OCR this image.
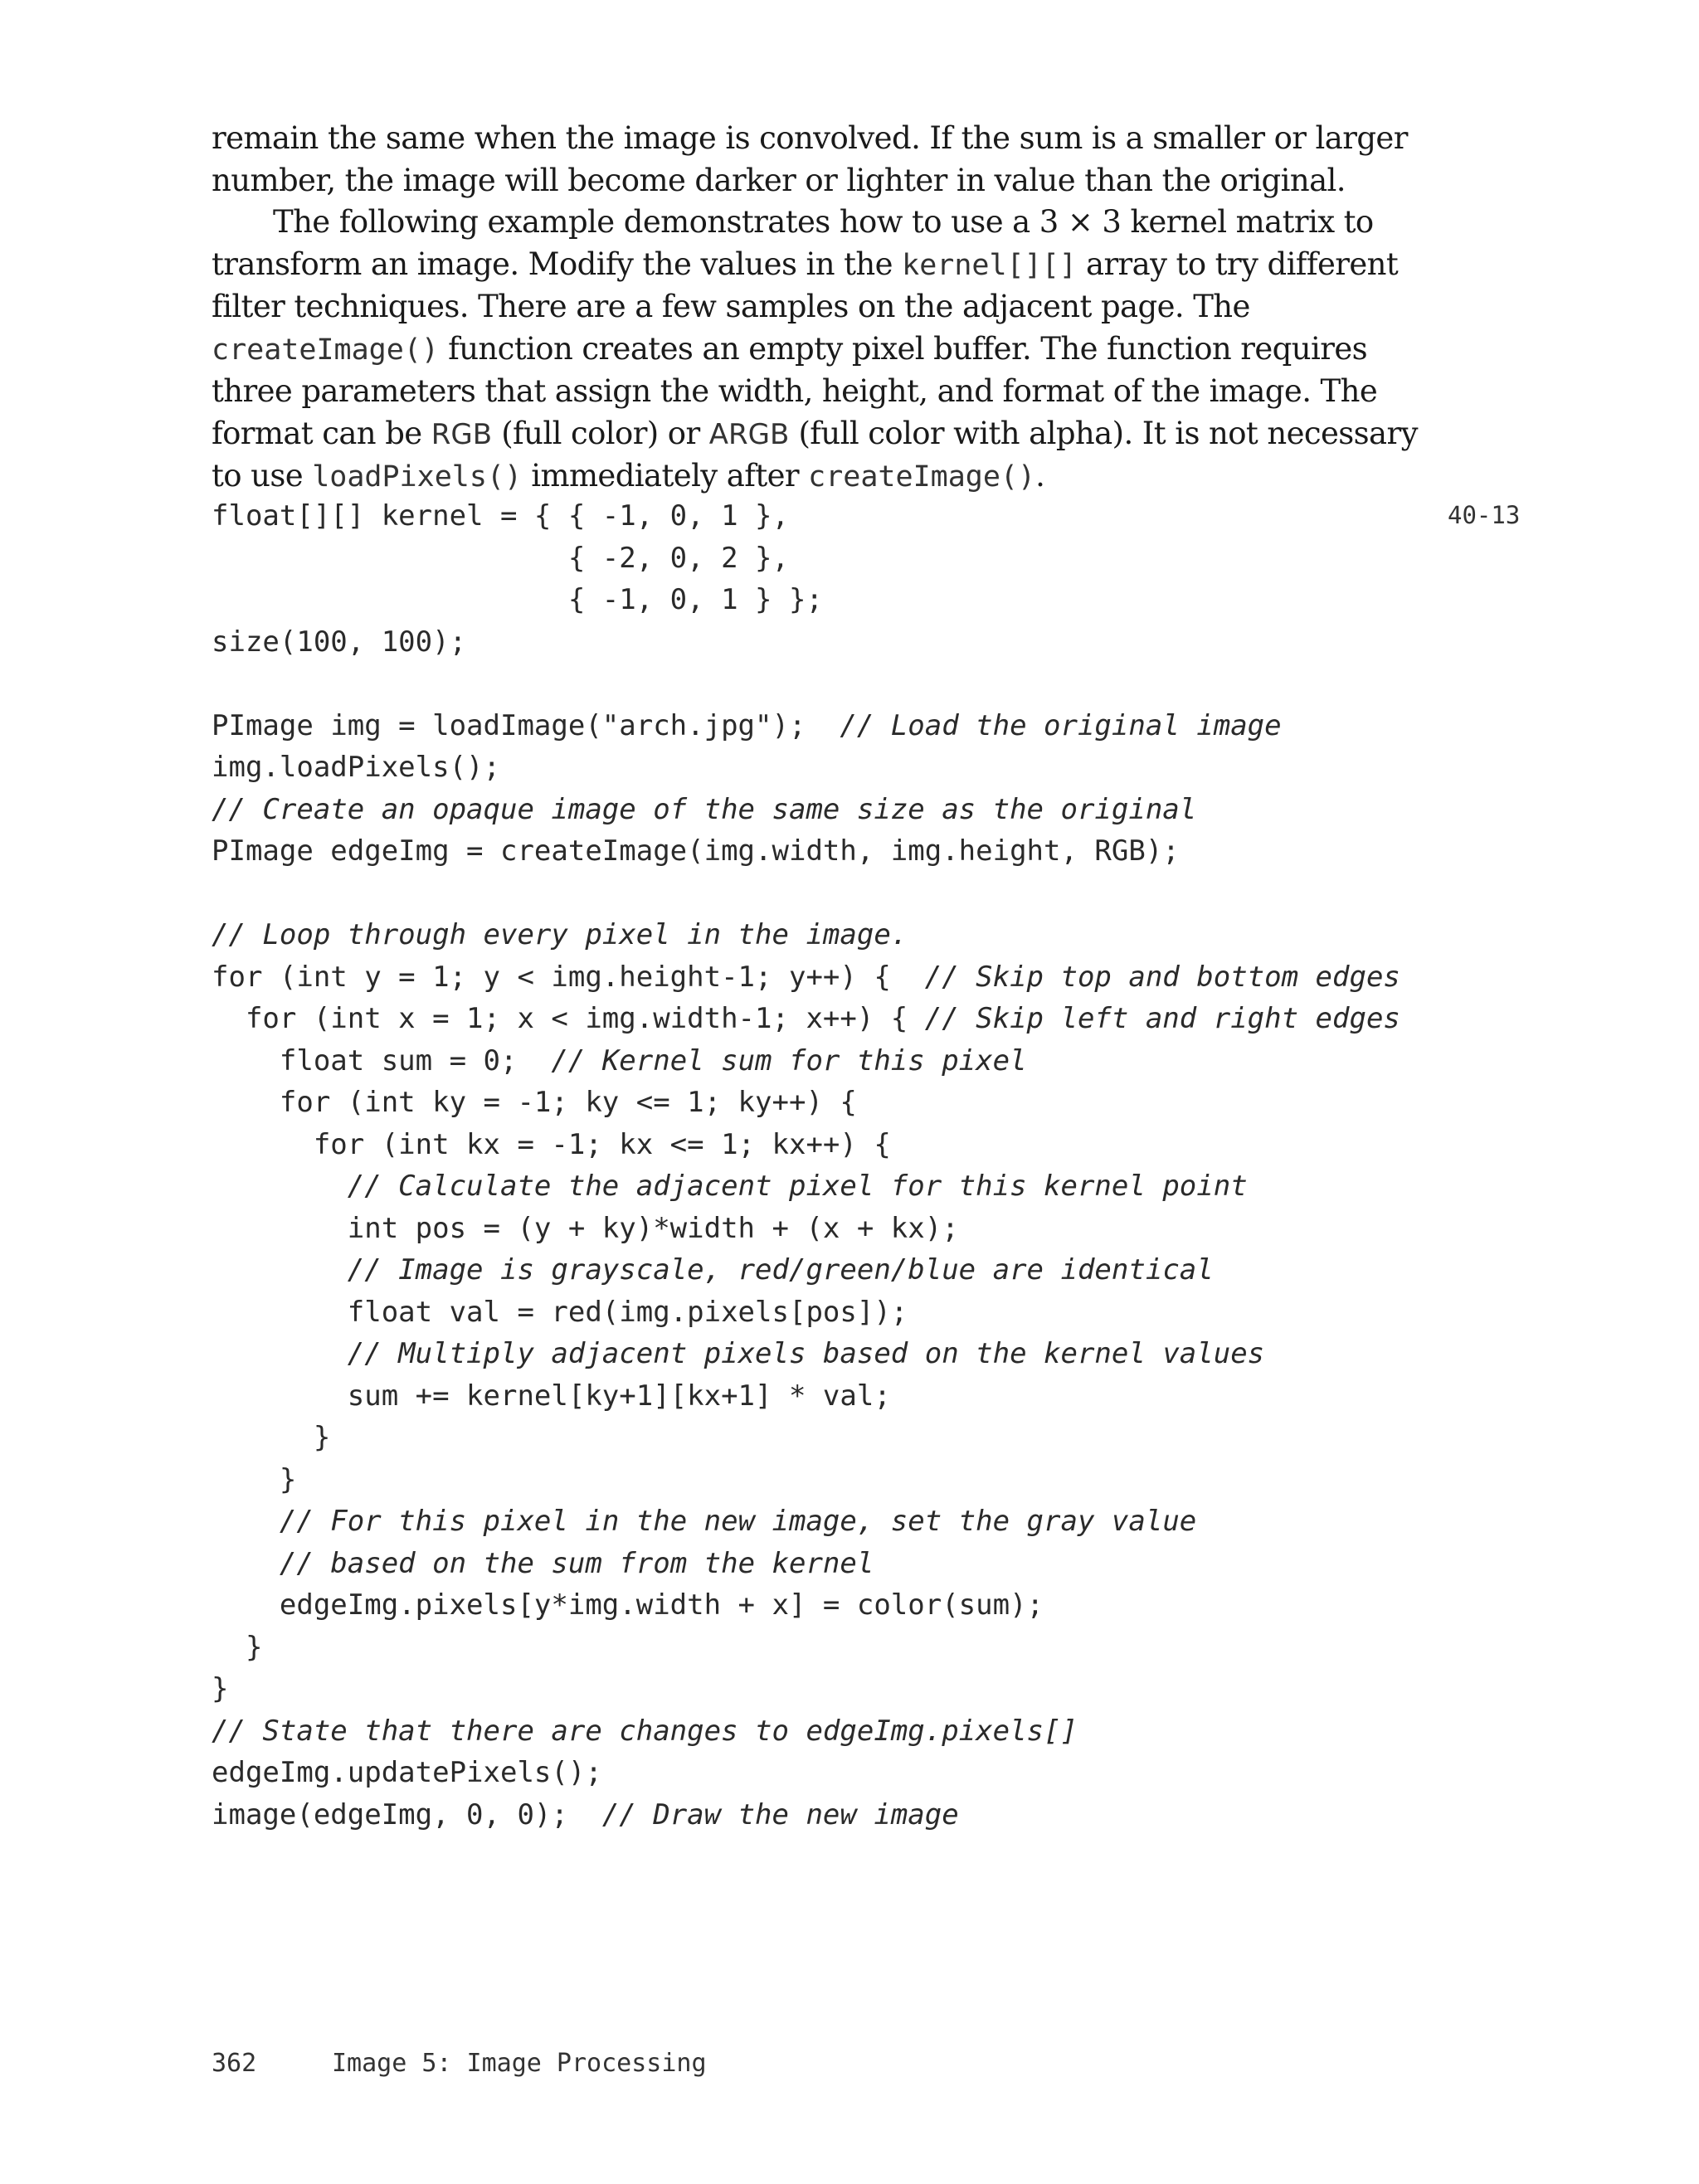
remain the same when the image is convolved. If the sum is a smaller or larger number, the image will become darker or lighter in value than the original.

The following example demonstrates how to use a 3 × 3 kernel matrix to transform an image. Modify the values in the kernel[][] array to try different filter techniques. There are a few samples on the adjacent page. The createImage() function creates an empty pixel buffer. The function requires three parameters that assign the width, height, and format of the image. The format can be RGB (full color) or ARGB (full color with alpha). It is not necessary to use loadPixels() immediately after createImage().

40-13
float[][] kernel = { { -1, 0, 1 },
{ -2, 0, 2 },
{ -1, 0, 1 } };
size(100, 100);
PImage img = loadImage("arch.jpg");  // Load the original image
img.loadPixels();
// Create an opaque image of the same size as the original
PImage edgeImg = createImage(img.width, img.height, RGB);
// Loop through every pixel in the image.
for (int y = 1; y < img.height-1; y++) {  // Skip top and bottom edges
for (int x = 1; x < img.width-1; x++) { // Skip left and right edges
float sum = 0;  // Kernel sum for this pixel
for (int ky = -1; ky <= 1; ky++) {
for (int kx = -1; kx <= 1; kx++) {
// Calculate the adjacent pixel for this kernel point
int pos = (y + ky)*width + (x + kx);
// Image is grayscale, red/green/blue are identical
float val = red(img.pixels[pos]);
// Multiply adjacent pixels based on the kernel values
sum += kernel[ky+1][kx+1] * val;
}
}
// For this pixel in the new image, set the gray value
// based on the sum from the kernel
edgeImg.pixels[y*img.width + x] = color(sum);
}
}
// State that there are changes to edgeImg.pixels[]
edgeImg.updatePixels();
image(edgeImg, 0, 0);  // Draw the new image
362	Image 5: Image Processing
